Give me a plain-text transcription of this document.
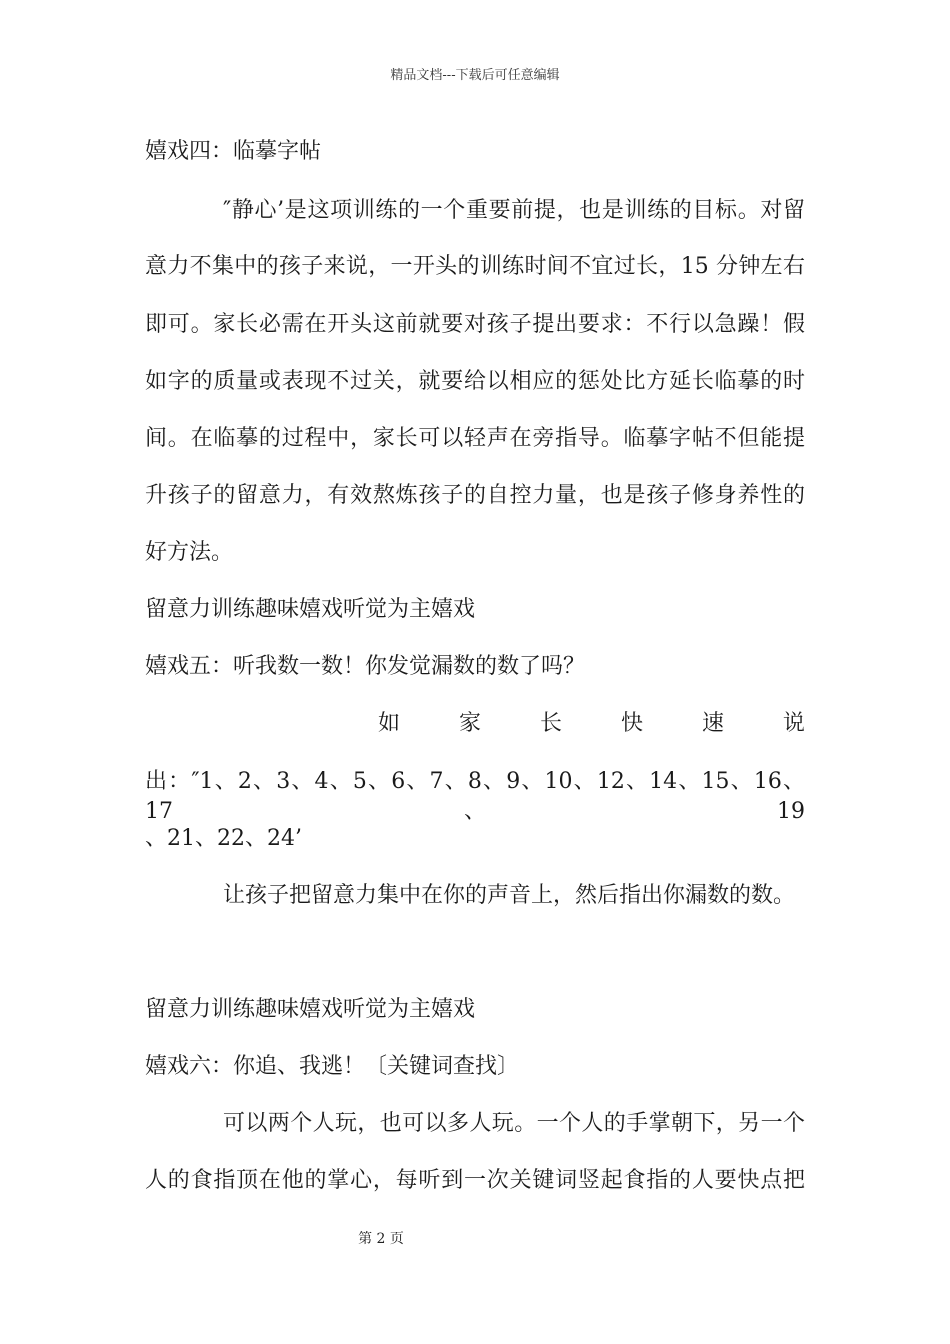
精品文档---下载后可任意编辑
嬉戏四：临摹字帖
″静心’是这项训练的一个重要前提，也是训练的目标。对留
意力不集中的孩子来说，一开头的训练时间不宜过长，15 分钟左右
即可。家长必需在开头这前就要对孩子提出要求：不行以急躁！假
如字的质量或表现不过关，就要给以相应的惩处比方延长临摹的时
间。在临摹的过程中，家长可以轻声在旁指导。临摹字帖不但能提
升孩子的留意力，有效熬炼孩子的自控力量，也是孩子修身养性的
好方法。
留意力训练趣味嬉戏听觉为主嬉戏
嬉戏五：听我数一数！你发觉漏数的数了吗？
如	家	长	快	速	说
出：″1、2、3、4、5、6、7、8、9、10、12、14、15、16、17、19
、21、22、24’
让孩子把留意力集中在你的声音上，然后指出你漏数的数。
留意力训练趣味嬉戏听觉为主嬉戏
嬉戏六：你追、我逃！〔关键词查找〕
可以两个人玩，也可以多人玩。一个人的手掌朝下，另一个
人的食指顶在他的掌心，每听到一次关键词竖起食指的人要快点把
第 2 页
